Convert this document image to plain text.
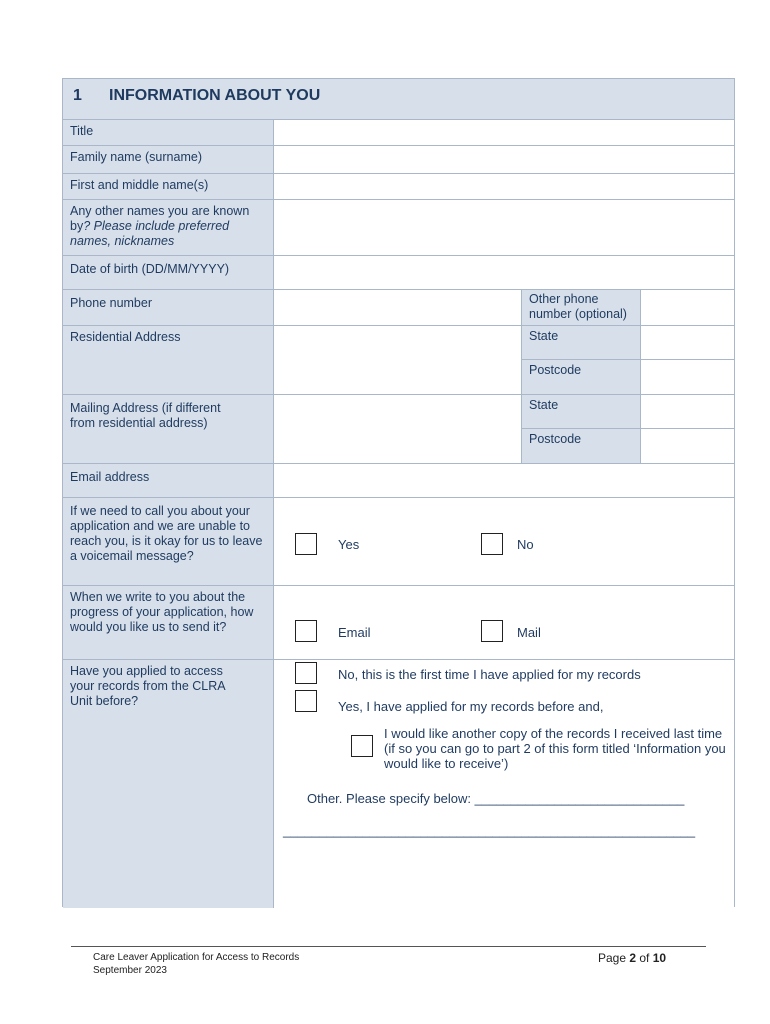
1 INFORMATION ABOUT YOU
Title
Family name (surname)
First and middle name(s)
Any other names you are known by? Please include preferred names, nicknames
Date of birth (DD/MM/YYYY)
Phone number	Other phone number (optional)
Residential Address	State
Postcode
Mailing Address (if different from residential address)
State
Postcode
Email address
If we need to call you about your application and we are unable to reach you, is it okay for us to leave a voicemail message?
Yes	No
When we write to you about the progress of your application, how would you like us to send it?	Email	Mail
Have you applied to access your records from the CLRA Unit before?
No, this is the first time I have applied for my records
Yes, I have applied for my records before and,
I would like another copy of the records I received last time (if so you can go to part 2 of this form titled ‘Information you would like to receive’)
Other. Please specify below: _____________________________
_________________________________________________________
Care Leaver Application for Access to Records
September 2023
Page 2 of 10
